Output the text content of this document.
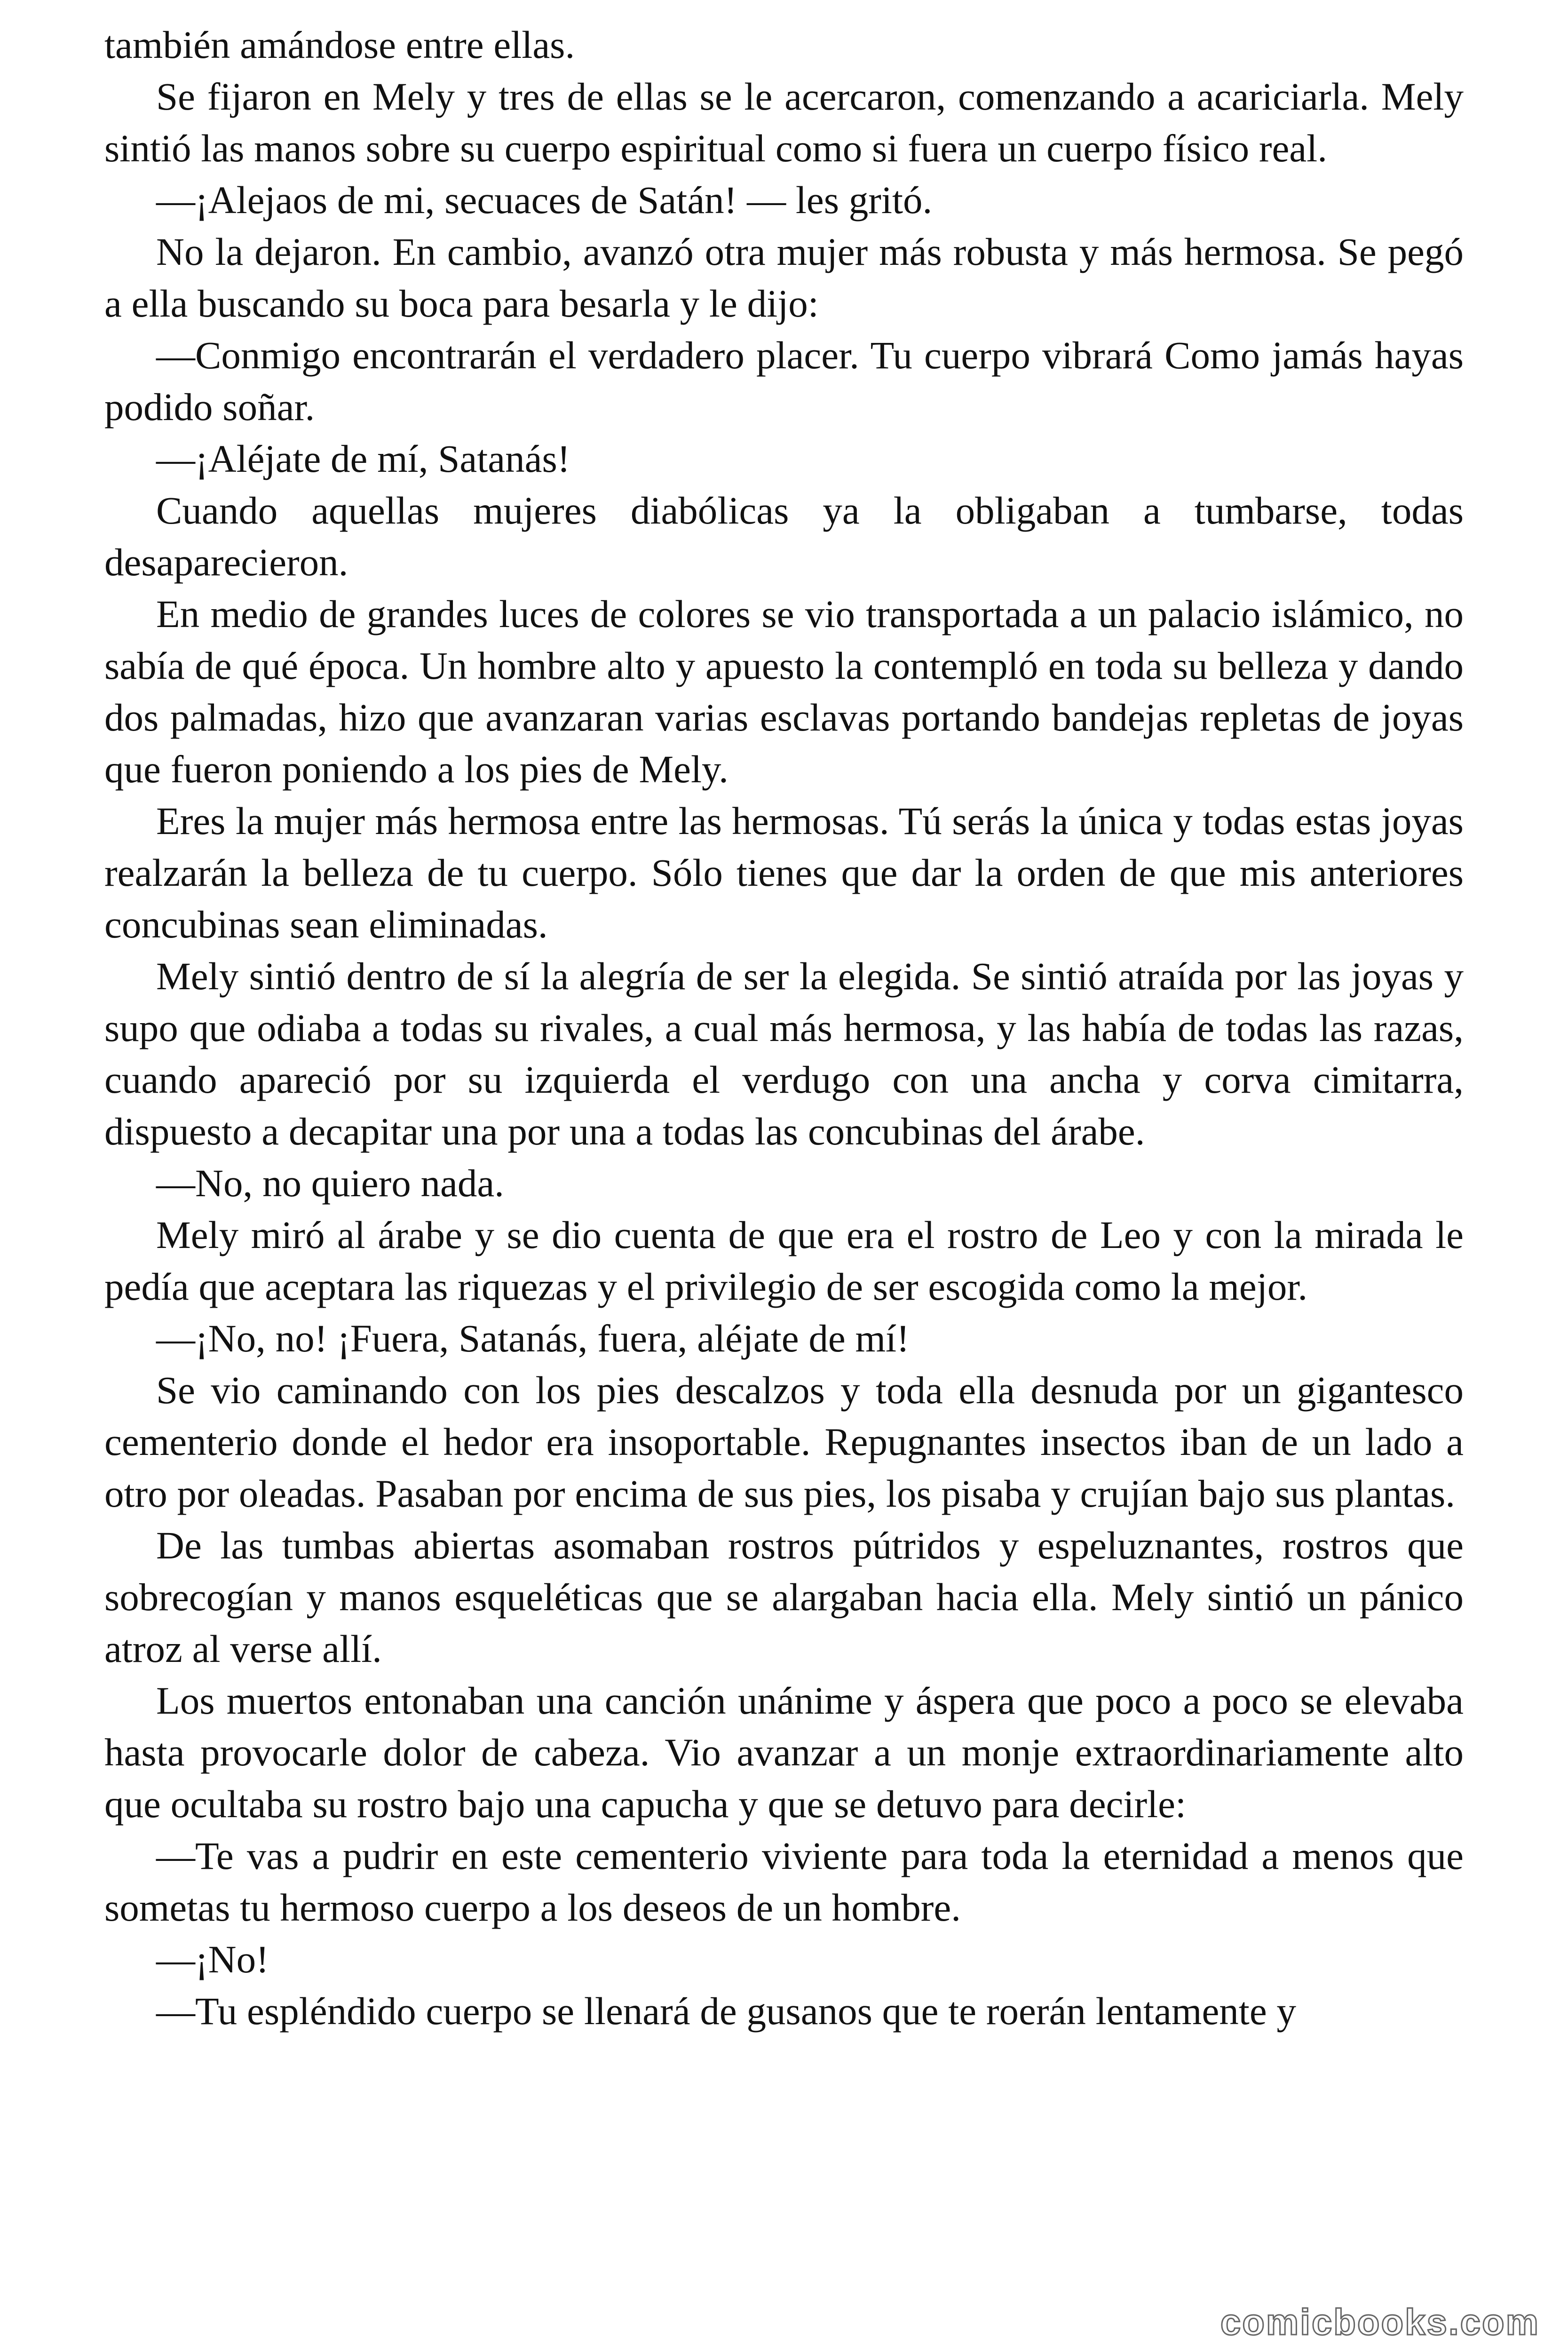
también amándose entre ellas.

Se fijaron en Mely y tres de ellas se le acercaron, comenzando a acariciarla. Mely sintió las manos sobre su cuerpo espiritual como si fuera un cuerpo físico real.

—¡Alejaos de mi, secuaces de Satán! — les gritó.

No la dejaron. En cambio, avanzó otra mujer más robusta y más hermosa. Se pegó a ella buscando su boca para besarla y le dijo:

—Conmigo encontrarán el verdadero placer. Tu cuerpo vibrará Como jamás hayas podido soñar.

—¡Aléjate de mí, Satanás!

Cuando aquellas mujeres diabólicas ya la obligaban a tumbarse, todas desaparecieron.

En medio de grandes luces de colores se vio transportada a un palacio islámico, no sabía de qué época. Un hombre alto y apuesto la contempló en toda su belleza y dando dos palmadas, hizo que avanzaran varias esclavas portando bandejas repletas de joyas que fueron poniendo a los pies de Mely.

Eres la mujer más hermosa entre las hermosas. Tú serás la única y todas estas joyas realzarán la belleza de tu cuerpo. Sólo tienes que dar la orden de que mis anteriores concubinas sean eliminadas.

Mely sintió dentro de sí la alegría de ser la elegida. Se sintió atraída por las joyas y supo que odiaba a todas su rivales, a cual más hermosa, y las había de todas las razas, cuando apareció por su izquierda el verdugo con una ancha y corva cimitarra, dispuesto a decapitar una por una a todas las concubinas del árabe.

—No, no quiero nada.

Mely miró al árabe y se dio cuenta de que era el rostro de Leo y con la mirada le pedía que aceptara las riquezas y el privilegio de ser escogida como la mejor.

—¡No, no! ¡Fuera, Satanás, fuera, aléjate de mí!

Se vio caminando con los pies descalzos y toda ella desnuda por un gigantesco cementerio donde el hedor era insoportable. Repugnantes insectos iban de un lado a otro por oleadas. Pasaban por encima de sus pies, los pisaba y crujían bajo sus plantas.

De las tumbas abiertas asomaban rostros pútridos y espeluznantes, rostros que sobrecogían y manos esqueléticas que se alargaban hacia ella. Mely sintió un pánico atroz al verse allí.

Los muertos entonaban una canción unánime y áspera que poco a poco se elevaba hasta provocarle dolor de cabeza. Vio avanzar a un monje extraordinariamente alto que ocultaba su rostro bajo una capucha y que se detuvo para decirle:

—Te vas a pudrir en este cementerio viviente para toda la eternidad a menos que sometas tu hermoso cuerpo a los deseos de un hombre.

—¡No!

—Tu espléndido cuerpo se llenará de gusanos que te roerán lentamente y

comicbooks.com
